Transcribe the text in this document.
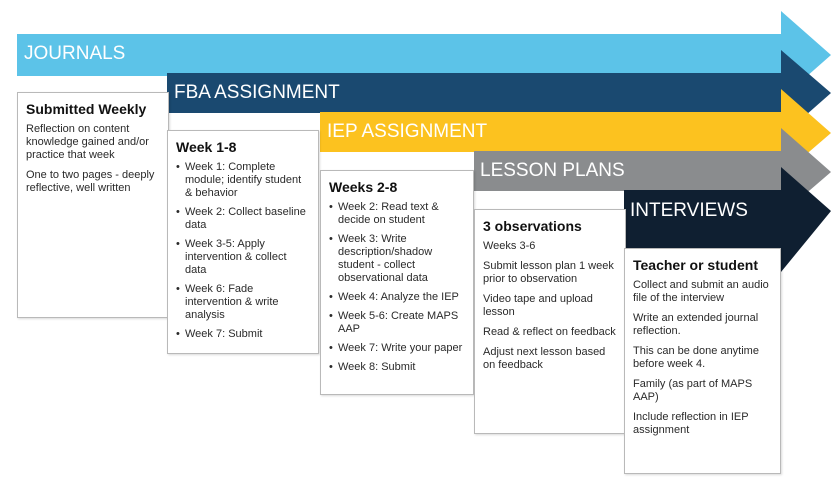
JOURNALS
FBA ASSIGNMENT
IEP ASSIGNMENT
LESSON PLANS
INTERVIEWS
Submitted Weekly

Reflection on content knowledge gained and/or practice that week

One to two pages - deeply reflective, well written

Week 1-8
• Week 1: Complete module; identify student & behavior
• Week 2: Collect baseline data
• Week 3-5: Apply intervention & collect data
• Week 6: Fade intervention & write analysis
• Week 7: Submit
Weeks 2-8
• Week 2: Read text & decide on student
• Week 3: Write description/shadow student - collect observational data
• Week 4: Analyze the IEP
• Week 5-6: Create MAPS AAP
• Week 7: Write your paper
• Week 8: Submit
3 observations

Weeks 3-6

Submit lesson plan 1 week prior to observation

Video tape and upload lesson

Read & reflect on feedback

Adjust next lesson based on feedback

Teacher or student

Collect and submit an audio file of the interview

Write an extended journal reflection.

This can be done anytime before week 4.

Family (as part of MAPS AAP)

Include reflection in IEP assignment
